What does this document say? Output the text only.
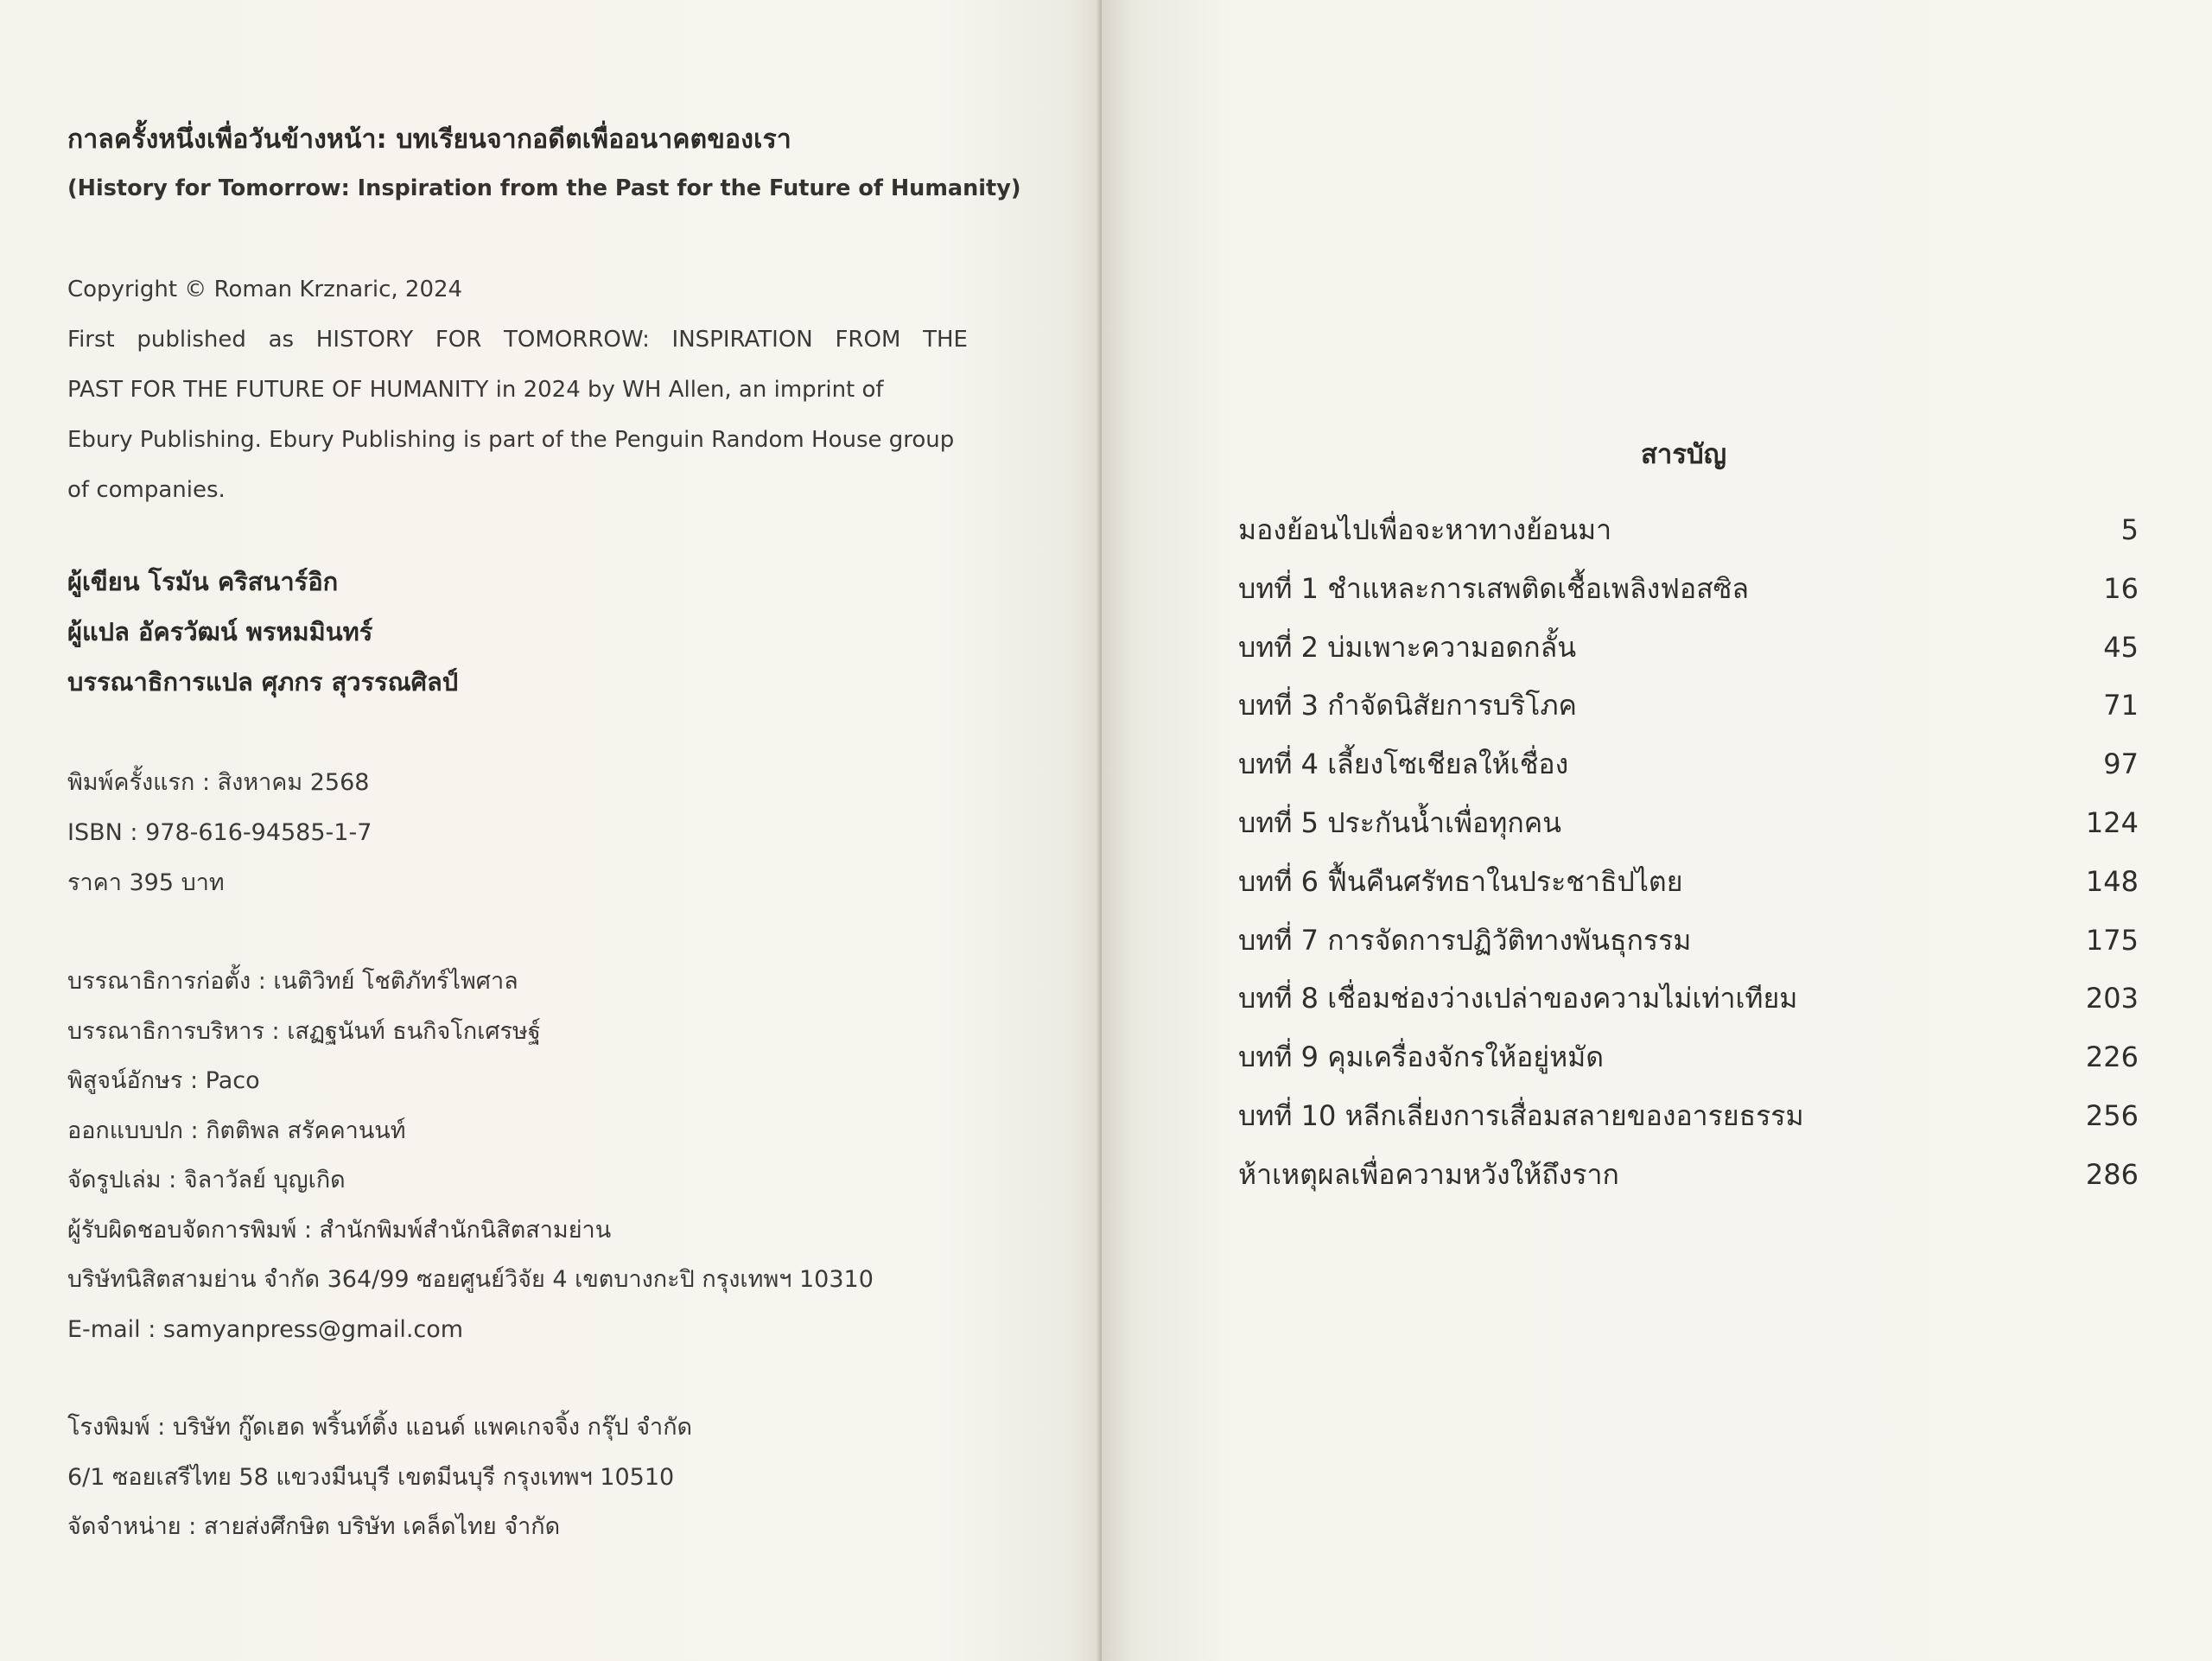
กาลครั้งหนึ่งเพื่อวันข้างหน้า: บทเรียนจากอดีตเพื่ออนาคตของเรา
(History for Tomorrow: Inspiration from the Past for the Future of Humanity)
Copyright © Roman Krznaric, 2024
First published as HISTORY FOR TOMORROW: INSPIRATION FROM THE
PAST FOR THE FUTURE OF HUMANITY in 2024 by WH Allen, an imprint of
Ebury Publishing. Ebury Publishing is part of the Penguin Random House group
of companies.
ผู้เขียน โรมัน คริสนาร์อิก
ผู้แปล อัครวัฒน์ พรหมมินทร์
บรรณาธิการแปล ศุภกร สุวรรณศิลป์
พิมพ์ครั้งแรก : สิงหาคม 2568
ISBN : 978-616-94585-1-7
ราคา 395 บาท
บรรณาธิการก่อตั้ง : เนติวิทย์ โชติภัทร์ไพศาล
บรรณาธิการบริหาร : เสฏฐนันท์ ธนกิจโกเศรษฐ์
พิสูจน์อักษร : Paco
ออกแบบปก : กิตติพล สรัคคานนท์
จัดรูปเล่ม : จิลาวัลย์ บุญเกิด
ผู้รับผิดชอบจัดการพิมพ์ : สำนักพิมพ์สำนักนิสิตสามย่าน
บริษัทนิสิตสามย่าน จำกัด 364/99 ซอยศูนย์วิจัย 4 เขตบางกะปิ กรุงเทพฯ 10310
E-mail : samyanpress@gmail.com
โรงพิมพ์ : บริษัท กู๊ดเฮด พริ้นท์ติ้ง แอนด์ แพคเกจจิ้ง กรุ๊ป จำกัด
6/1 ซอยเสรีไทย 58 แขวงมีนบุรี เขตมีนบุรี กรุงเทพฯ 10510
จัดจำหน่าย : สายส่งศึกษิต บริษัท เคล็ดไทย จำกัด
สารบัญ
มองย้อนไปเพื่อจะหาทางย้อนมา	5
บทที่ 1 ชำแหละการเสพติดเชื้อเพลิงฟอสซิล	16
บทที่ 2 บ่มเพาะความอดกลั้น	45
บทที่ 3 กำจัดนิสัยการบริโภค	71
บทที่ 4 เลี้ยงโซเชียลให้เชื่อง	97
บทที่ 5 ประกันน้ำเพื่อทุกคน	124
บทที่ 6 ฟื้นคืนศรัทธาในประชาธิปไตย	148
บทที่ 7 การจัดการปฏิวัติทางพันธุกรรม	175
บทที่ 8 เชื่อมช่องว่างเปล่าของความไม่เท่าเทียม	203
บทที่ 9 คุมเครื่องจักรให้อยู่หมัด	226
บทที่ 10 หลีกเลี่ยงการเสื่อมสลายของอารยธรรม	256
ห้าเหตุผลเพื่อความหวังให้ถึงราก	286
